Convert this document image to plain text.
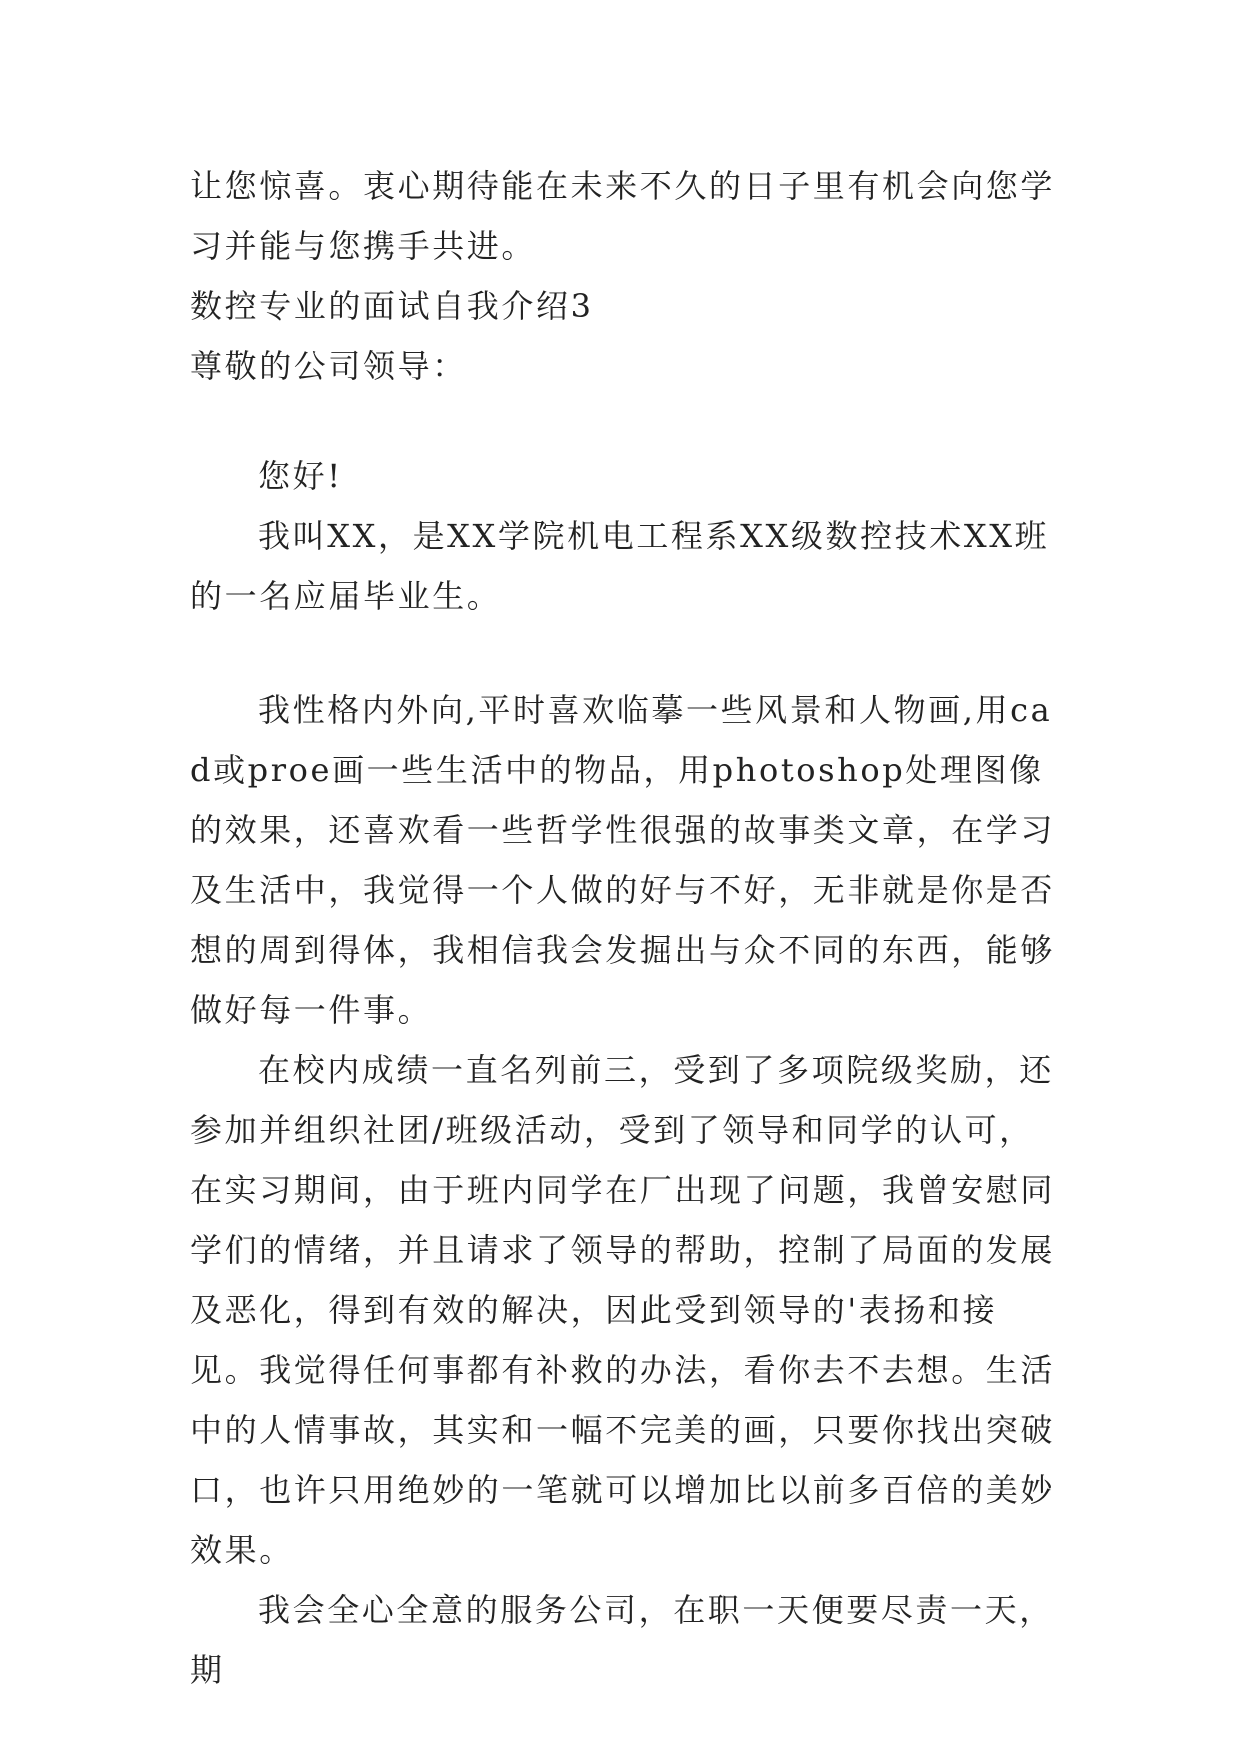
让您惊喜。衷心期待能在未来不久的日子里有机会向您学习并能与您携手共进。

数控专业的面试自我介绍3

尊敬的公司领导：

您好!

我叫XX，是XX学院机电工程系XX级数控技术XX班的一名应届毕业生。

我性格内外向,平时喜欢临摹一些风景和人物画,用cad或proe画一些生活中的物品，用photoshop处理图像的效果，还喜欢看一些哲学性很强的故事类文章，在学习及生活中，我觉得一个人做的好与不好，无非就是你是否想的周到得体，我相信我会发掘出与众不同的东西，能够做好每一件事。

在校内成绩一直名列前三，受到了多项院级奖励，还参加并组织社团/班级活动，受到了领导和同学的认可，在实习期间，由于班内同学在厂出现了问题，我曾安慰同学们的情绪，并且请求了领导的帮助，控制了局面的发展及恶化，得到有效的解决，因此受到领导的'表扬和接见。我觉得任何事都有补救的办法，看你去不去想。生活中的人情事故，其实和一幅不完美的画，只要你找出突破口，也许只用绝妙的一笔就可以增加比以前多百倍的美妙效果。

我会全心全意的服务公司，在职一天便要尽责一天，期
